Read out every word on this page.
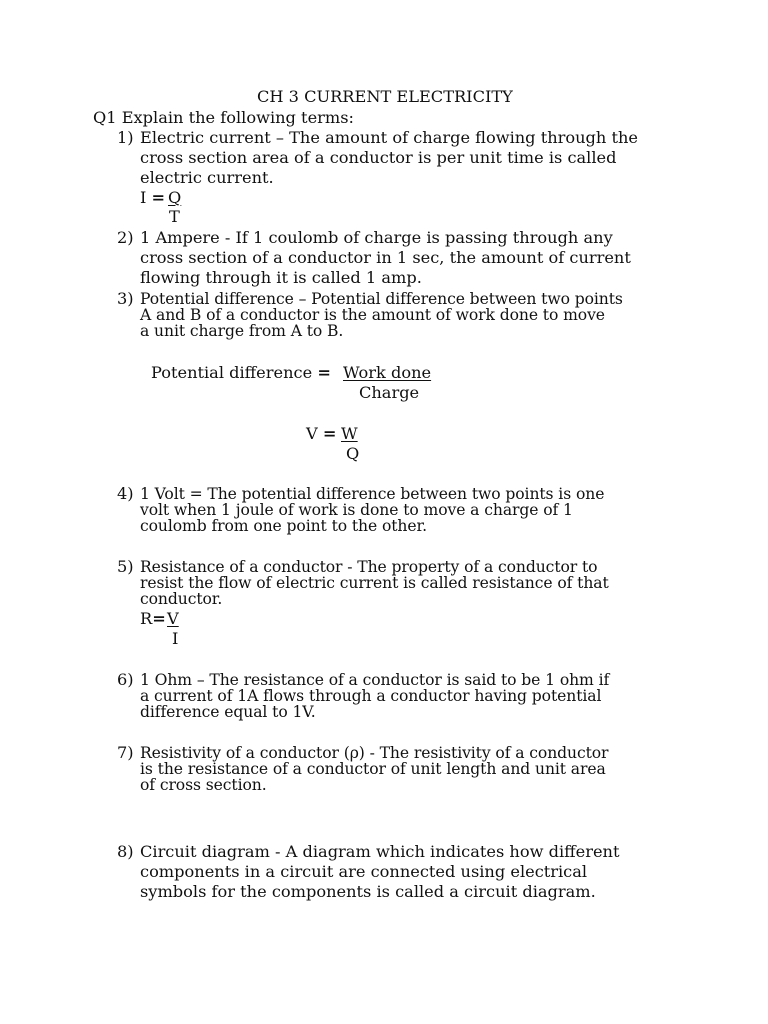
CH 3 CURRENT ELECTRICITY
Q1 Explain the following terms:
1) Electric current – The amount of charge flowing through the
cross section area of a conductor is per unit time is called
electric current.
I = Q
T
2) 1 Ampere - If 1 coulomb of charge is passing through any
cross section of a conductor in 1 sec, the amount of current
flowing through it is called 1 amp.
3) Potential difference – Potential difference between two points
A and B of a conductor is the amount of work done to move
a unit charge from A to B.
Potential difference = Work done
Charge
V = W
Q
4) 1 Volt = The potential difference between two points is one
volt when 1 joule of work is done to move a charge of 1
coulomb from one point to the other.
5) Resistance of a conductor - The property of a conductor to
resist the flow of electric current is called resistance of that
conductor.
R= V
I
6) 1 Ohm – The resistance of a conductor is said to be 1 ohm if
a current of 1A flows through a conductor having potential
difference equal to 1V.
7) Resistivity of a conductor (ρ) - The resistivity of a conductor
is the resistance of a conductor of unit length and unit area
of cross section.
8) Circuit diagram - A diagram which indicates how different
components in a circuit are connected using electrical
symbols for the components is called a circuit diagram.
